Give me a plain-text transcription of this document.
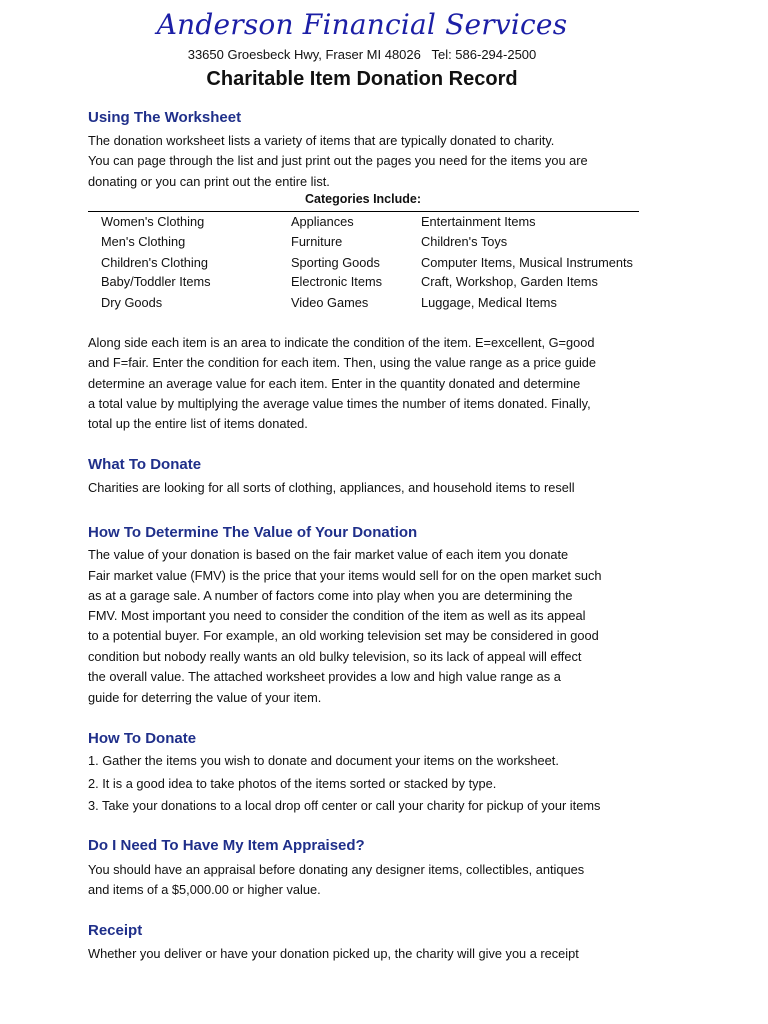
Anderson Financial Services
33650 Groesbeck Hwy, Fraser MI 48026   Tel: 586-294-2500
Charitable Item Donation Record
Using The Worksheet
The donation worksheet lists a variety of items that are typically donated to charity.
You can page through the list and just print out the pages you need for the items you are
donating or you can print out the entire list.
Categories Include:
Women's Clothing
Men's Clothing
Children's Clothing
Baby/Toddler Items
Dry Goods
Appliances
Furniture
Sporting Goods
Electronic Items
Video Games
Entertainment Items
Children's Toys
Computer Items, Musical Instruments
Craft, Workshop, Garden Items
Luggage, Medical Items
Along side each item is an area to indicate the condition of the item. E=excellent, G=good
and F=fair. Enter the condition for each item. Then, using the value range as a price guide
determine an average value for each item. Enter in the quantity donated and determine
a total value by multiplying the average value times the number of items donated. Finally,
total up the entire list of items donated.
What To Donate
Charities are looking for all sorts of clothing, appliances, and household items to resell
How To Determine The Value of Your Donation
The value of your donation is based on the fair market value of each item you donate
Fair market value (FMV) is the price that your items would sell for on the open market such
as at a garage sale. A number of factors come into play when you are determining the
FMV. Most important you need to consider the condition of the item as well as its appeal
to a potential buyer. For example, an old working television set may be considered in good
condition but nobody really wants an old bulky television, so its lack of appeal will effect
the overall value. The attached worksheet provides a low and high value range as a
guide for deterring the value of your item.
How To Donate
1. Gather the items you wish to donate and document your items on the worksheet.
2. It is a good idea to take photos of the items sorted or stacked by type.
3. Take your donations to a local drop off center or call your charity for pickup of your items
Do I Need To Have My Item Appraised?
You should have an appraisal before donating any designer items, collectibles, antiques
and items of a $5,000.00 or higher value.
Receipt
Whether you deliver or have your donation picked up, the charity will give you a receipt
